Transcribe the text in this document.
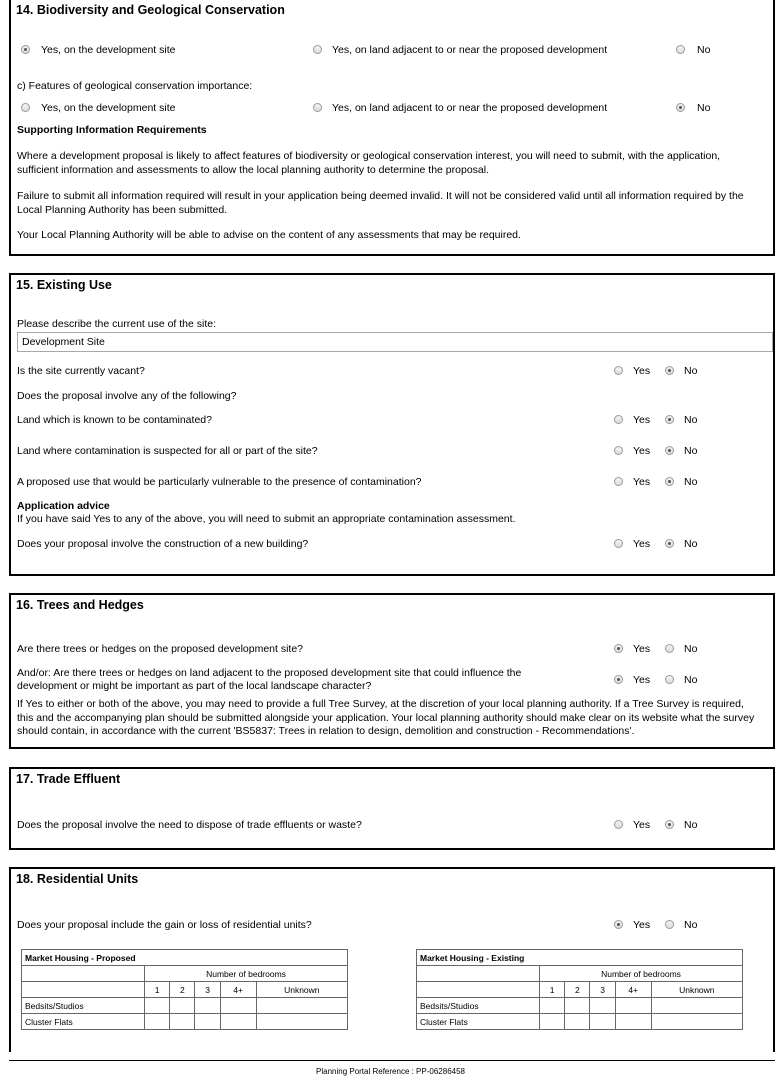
14. Biodiversity and Geological Conservation
Yes, on the development site	Yes, on land adjacent to or near the proposed development	No
c) Features of geological conservation importance:
Yes, on the development site	Yes, on land adjacent to or near the proposed development	No
Supporting Information Requirements
Where a development proposal is likely to affect features of biodiversity or geological conservation interest, you will need to submit, with the application, sufficient information and assessments to allow the local planning authority to determine the proposal.
Failure to submit all information required will result in your application being deemed invalid. It will not be considered valid until all information required by the Local Planning Authority has been submitted.
Your Local Planning Authority will be able to advise on the content of any assessments that may be required.
15. Existing Use
Please describe the current use of the site:
Development Site
Is the site currently vacant?	Yes	No
Does the proposal involve any of the following?
Land which is known to be contaminated?	Yes	No
Land where contamination is suspected for all or part of the site?	Yes	No
A proposed use that would be particularly vulnerable to the presence of contamination?	Yes	No
Application advice
If you have said Yes to any of the above, you will need to submit an appropriate contamination assessment.
Does your proposal involve the construction of a new building?	Yes	No
16. Trees and Hedges
Are there trees or hedges on the proposed development site?	Yes	No
And/or: Are there trees or hedges on land adjacent to the proposed development site that could influence the development or might be important as part of the local landscape character?	Yes	No
If Yes to either or both of the above, you may need to provide a full Tree Survey, at the discretion of your local planning authority. If a Tree Survey is required, this and the accompanying plan should be submitted alongside your application. Your local planning authority should make clear on its website what the survey should contain, in accordance with the current 'BS5837: Trees in relation to design, demolition and construction - Recommendations'.
17. Trade Effluent
Does the proposal involve the need to dispose of trade effluents or waste?	Yes	No
18. Residential Units
Does your proposal include the gain or loss of residential units?	Yes	No
Market Housing - Proposed					
	Number of bedrooms				
	1	2	3	4+	Unknown
Bedsits/Studios					
Cluster Flats					
Market Housing - Existing					
	Number of bedrooms				
	1	2	3	4+	Unknown
Bedsits/Studios					
Cluster Flats					
Planning Portal Reference : PP-06286458
